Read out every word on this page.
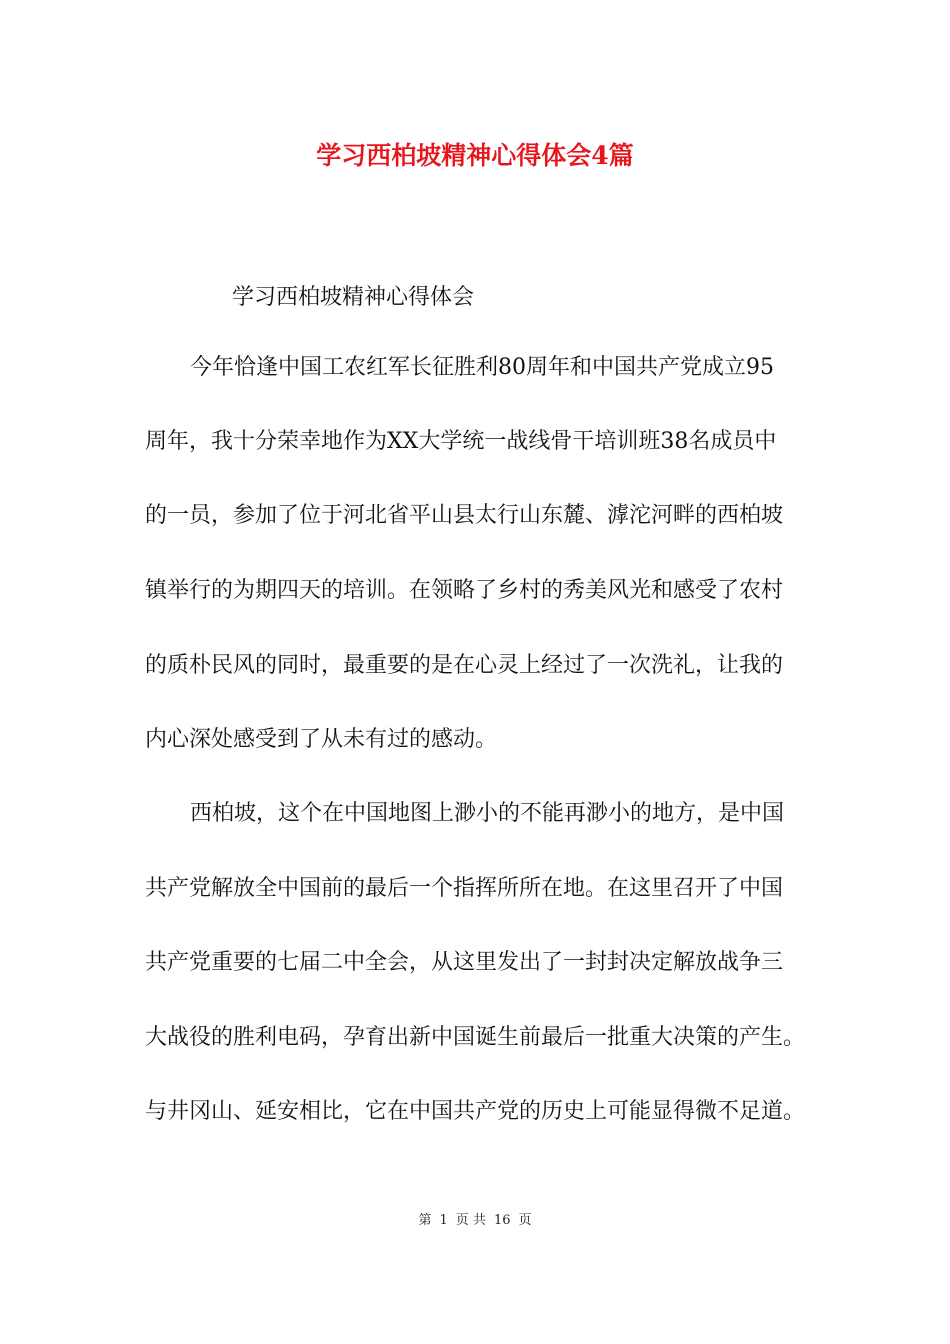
学习西柏坡精神心得体会4篇

学习西柏坡精神心得体会

今年恰逢中国工农红军长征胜利80周年和中国共产党成立95

周年，我十分荣幸地作为XX大学统一战线骨干培训班38名成员中

的一员，参加了位于河北省平山县太行山东麓、滹沱河畔的西柏坡

镇举行的为期四天的培训。在领略了乡村的秀美风光和感受了农村

的质朴民风的同时，最重要的是在心灵上经过了一次洗礼，让我的

内心深处感受到了从未有过的感动。

西柏坡，这个在中国地图上渺小的不能再渺小的地方，是中国

共产党解放全中国前的最后一个指挥所所在地。在这里召开了中国

共产党重要的七届二中全会，从这里发出了一封封决定解放战争三

大战役的胜利电码，孕育出新中国诞生前最后一批重大决策的产生。

与井冈山、延安相比，它在中国共产党的历史上可能显得微不足道。

第 1 页 共 16 页
